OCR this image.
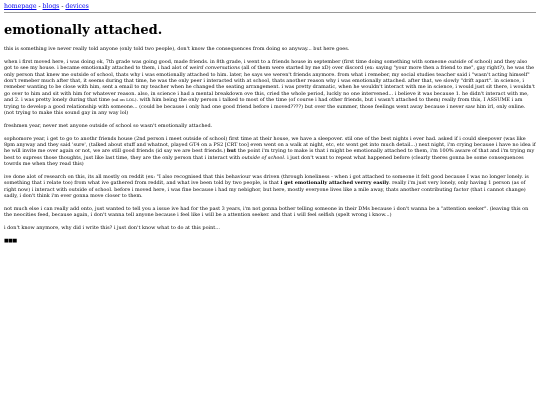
homepage - blogs - devices
emotionally attached.

this is something ive never really told anyone (only told two people), don't know the consequences from doing so anyway... but here goes.

when i first moved here, i was doing ok, 7th grade was going good, made friends. in 8th grade, i went to a friends house in september (first time doing something with someone outside of school) and they also got to see my house. i became emotionally attached to them, i had alot of weird conversations (all of them were started by me xD) over discord (ex: saying "your more then a friend to me", gay right?), he was the only person that knew me outside of school, thats why i was emotionally attached to him. later, he says we weren't friends anymore. from what i remeber, my social studies teacher said i "wasn't acting himself" don't remeber much after that, it seems during that time, he was the only peer i interacted with at school, thats another reason why i was emotionally attached. after that, we slowly "drift apart". in science, i remeber wanting to be close with him, sent a email to my teacher when he changed the seating arrangement. i was pretty dramatic, when he wouldn't interact with me in science, i would just sit there, i wouldn't go over to him and sit with him for whatever reason. also, in science i had a mental breakdown ove this, cried the whole period, luckly no one intervened... i believe it was because 1. he didn't interact with me, and 2. i was pretty lonely during that time (nil on LOL). with him being the only person i talked to most of the time (of course i had other friends, but i wasn't attached to them) really from this, I ASSUME i am trying to develop a good relationship with someone... (could be because i only had one good friend before i moved????) but over the summer, those feelings went away because i never saw him irl, only online. (not trying to make this sound gay in any way lol)

freshmen year, never met anyone outside of school so wasn't emotionally attached.

sophomore year, i get to go to anothr friends house (2nd person i meet outside of school) first time at their house, we have a sleepover. stil one of the best nights i ever had. asked if i could sleepover (was like 8pm anyway and they said 'sure', (talked about stuff and whatnot, played GT4 on a PS2 [CRT too] even went on a walk at night, etc, etc wont get into much detail...) next night, i'm crying because i have no idea if he will invite me over again or not, we are still good friends (id say we are best friends.) but the point i'm trying to make is that i might be emotionally attached to them, i'm 100% aware of that and i'm trying my best to supress those thoughts, just like last time, they are the only person that i interact with outside of school. i just don't want to repeat what happened before (clearly theres gonna be some consequences towrds me when they read this)

ive done alot of research on this, its all mostly on reddit (ex: "I also recognised that this behaviour was driven (through loneliness - when i got attached to someone it felt good because I was no longer lonely. is something that i relate too) from what ive gathered from reddit, and what ive been told by two people, is that i get emotionally attached verrry easily. really i'm just very lonely, only having 1 person (as of right now) i interact with outside of school. before i moved here, i was fine because i had my nebighor, but here, mostly everyone lives like a mile away, thats another contributing factor (that i cannot change) sadly, i don't think i'm ever gonna move closer to them.

not much else i can really add onto, just wanted to tell you a issue ive had for the past 3 years, i'm not gonna bother telling someone in their DMs because i don't wanna be a "attention seeker". (leaving this on the neocities feed, because again, i don't wanna tell anyone because i feel like i will be a attention seeker. and that i will feel selfish (spelt wrong i know...)

i don't know anymore, why did i write this? i just don't know what to do at this point...

■■■
